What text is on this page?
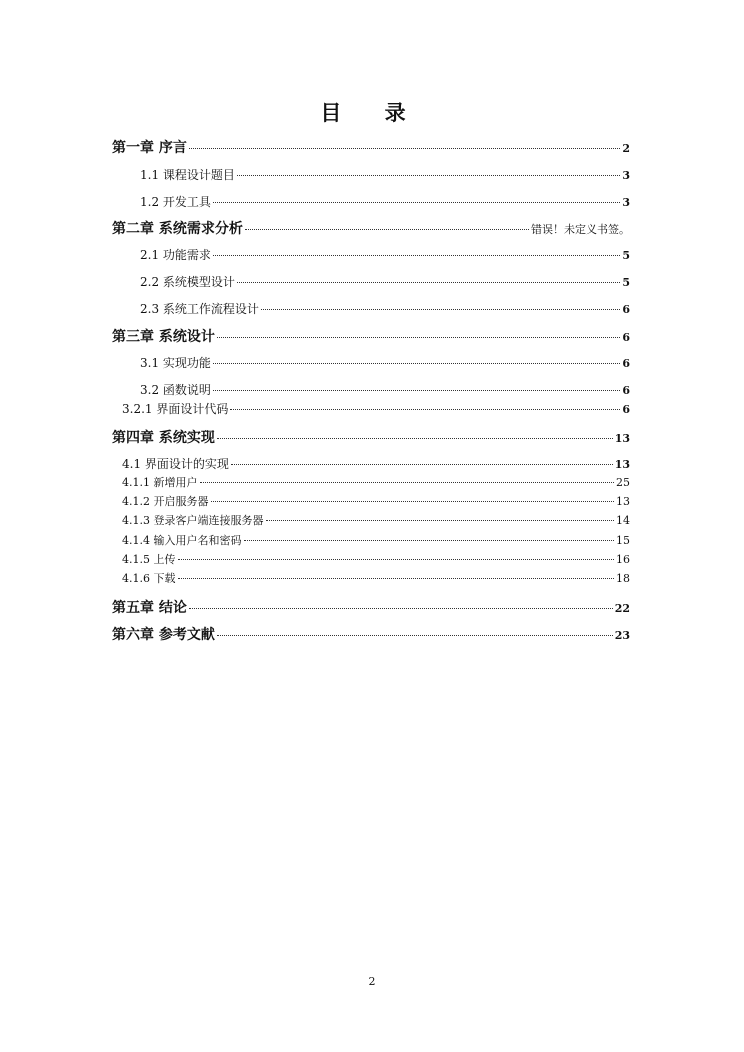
目 录
第一章 序言	2
1.1 课程设计题目	3
1.2 开发工具	3
第二章 系统需求分析	错误！未定义书签。
2.1 功能需求	5
2.2 系统模型设计	5
2.3 系统工作流程设计	6
第三章 系统设计	6
3.1 实现功能	6
3.2 函数说明	6
3.2.1 界面设计代码	6
第四章 系统实现	13
4.1 界面设计的实现	13
4.1.1 新增用户	25
4.1.2 开启服务器	13
4.1.3 登录客户端连接服务器	14
4.1.4 输入用户名和密码	15
4.1.5 上传	16
4.1.6 下载	18
第五章 结论	22
第六章 参考文献	23
2
